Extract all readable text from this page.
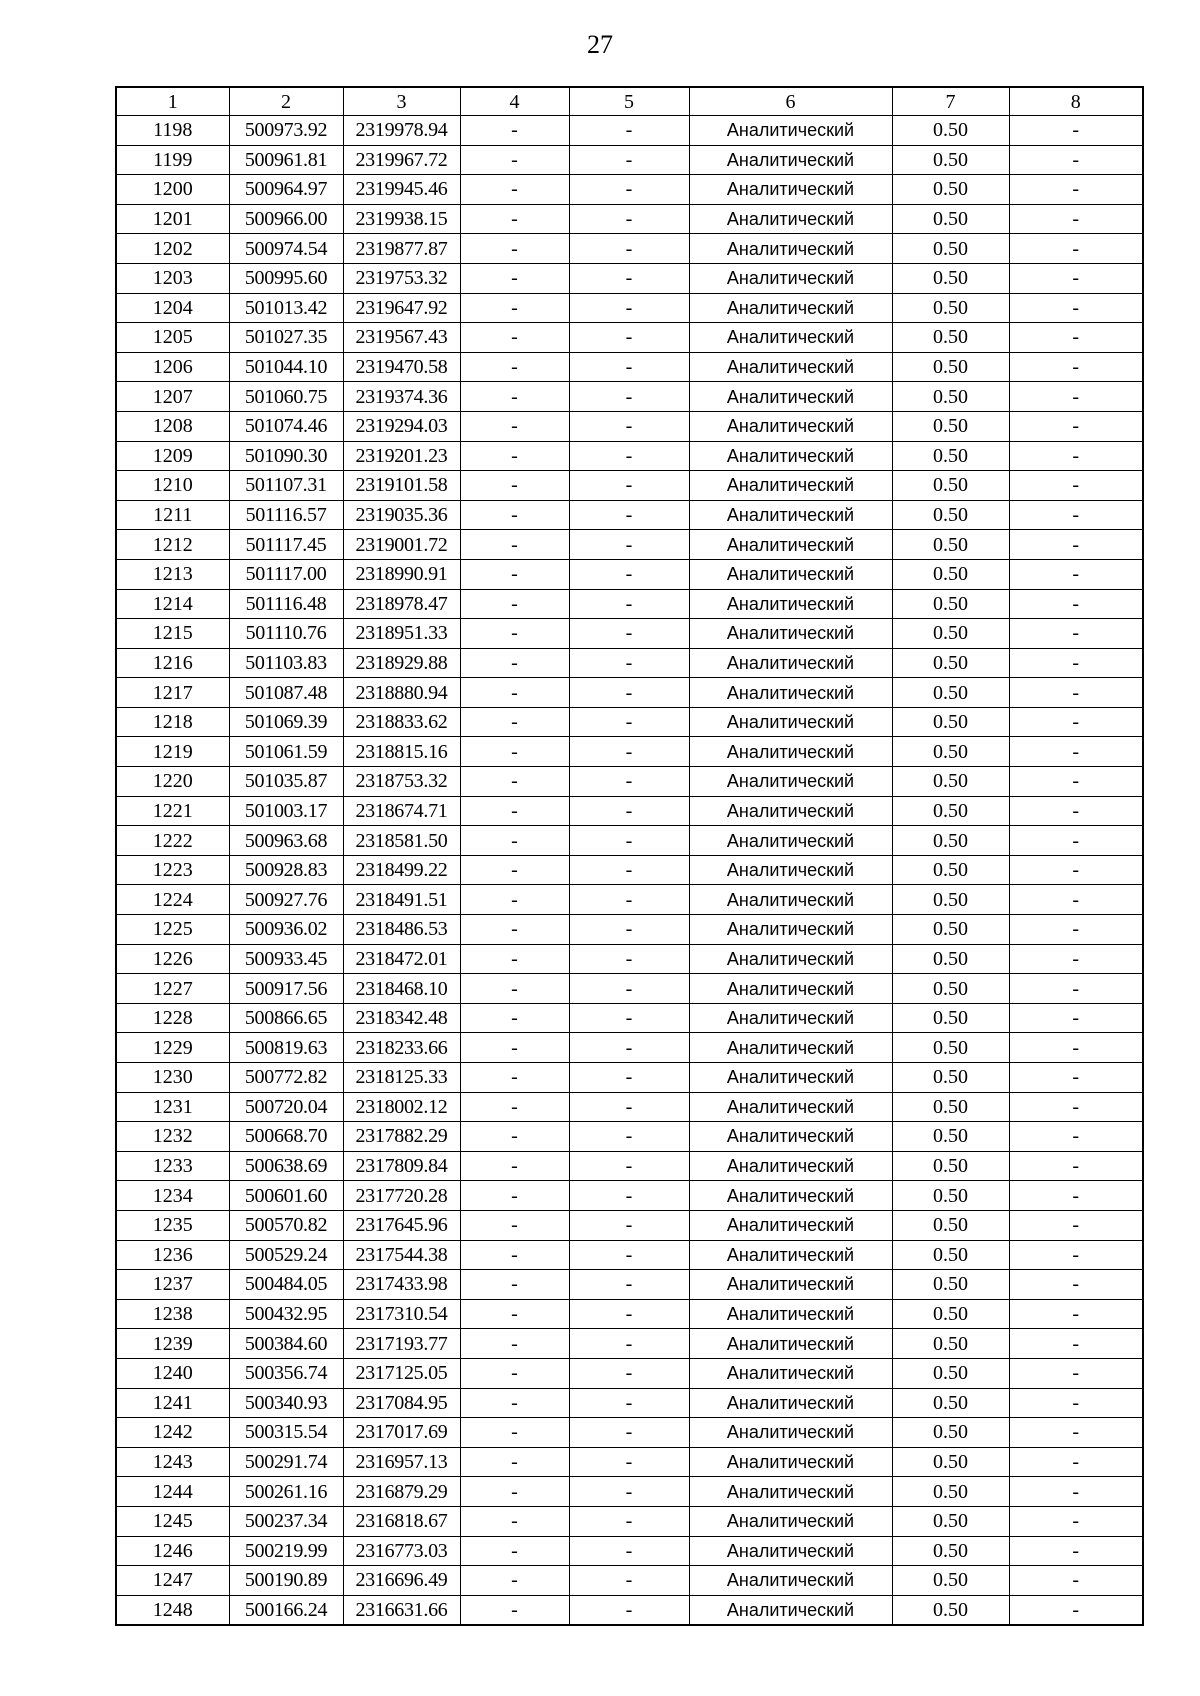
27
1	2	3	4	5	6	7	8
1198	500973.92	2319978.94	-	-	Аналитический	0.50	-
1199	500961.81	2319967.72	-	-	Аналитический	0.50	-
1200	500964.97	2319945.46	-	-	Аналитический	0.50	-
1201	500966.00	2319938.15	-	-	Аналитический	0.50	-
1202	500974.54	2319877.87	-	-	Аналитический	0.50	-
1203	500995.60	2319753.32	-	-	Аналитический	0.50	-
1204	501013.42	2319647.92	-	-	Аналитический	0.50	-
1205	501027.35	2319567.43	-	-	Аналитический	0.50	-
1206	501044.10	2319470.58	-	-	Аналитический	0.50	-
1207	501060.75	2319374.36	-	-	Аналитический	0.50	-
1208	501074.46	2319294.03	-	-	Аналитический	0.50	-
1209	501090.30	2319201.23	-	-	Аналитический	0.50	-
1210	501107.31	2319101.58	-	-	Аналитический	0.50	-
1211	501116.57	2319035.36	-	-	Аналитический	0.50	-
1212	501117.45	2319001.72	-	-	Аналитический	0.50	-
1213	501117.00	2318990.91	-	-	Аналитический	0.50	-
1214	501116.48	2318978.47	-	-	Аналитический	0.50	-
1215	501110.76	2318951.33	-	-	Аналитический	0.50	-
1216	501103.83	2318929.88	-	-	Аналитический	0.50	-
1217	501087.48	2318880.94	-	-	Аналитический	0.50	-
1218	501069.39	2318833.62	-	-	Аналитический	0.50	-
1219	501061.59	2318815.16	-	-	Аналитический	0.50	-
1220	501035.87	2318753.32	-	-	Аналитический	0.50	-
1221	501003.17	2318674.71	-	-	Аналитический	0.50	-
1222	500963.68	2318581.50	-	-	Аналитический	0.50	-
1223	500928.83	2318499.22	-	-	Аналитический	0.50	-
1224	500927.76	2318491.51	-	-	Аналитический	0.50	-
1225	500936.02	2318486.53	-	-	Аналитический	0.50	-
1226	500933.45	2318472.01	-	-	Аналитический	0.50	-
1227	500917.56	2318468.10	-	-	Аналитический	0.50	-
1228	500866.65	2318342.48	-	-	Аналитический	0.50	-
1229	500819.63	2318233.66	-	-	Аналитический	0.50	-
1230	500772.82	2318125.33	-	-	Аналитический	0.50	-
1231	500720.04	2318002.12	-	-	Аналитический	0.50	-
1232	500668.70	2317882.29	-	-	Аналитический	0.50	-
1233	500638.69	2317809.84	-	-	Аналитический	0.50	-
1234	500601.60	2317720.28	-	-	Аналитический	0.50	-
1235	500570.82	2317645.96	-	-	Аналитический	0.50	-
1236	500529.24	2317544.38	-	-	Аналитический	0.50	-
1237	500484.05	2317433.98	-	-	Аналитический	0.50	-
1238	500432.95	2317310.54	-	-	Аналитический	0.50	-
1239	500384.60	2317193.77	-	-	Аналитический	0.50	-
1240	500356.74	2317125.05	-	-	Аналитический	0.50	-
1241	500340.93	2317084.95	-	-	Аналитический	0.50	-
1242	500315.54	2317017.69	-	-	Аналитический	0.50	-
1243	500291.74	2316957.13	-	-	Аналитический	0.50	-
1244	500261.16	2316879.29	-	-	Аналитический	0.50	-
1245	500237.34	2316818.67	-	-	Аналитический	0.50	-
1246	500219.99	2316773.03	-	-	Аналитический	0.50	-
1247	500190.89	2316696.49	-	-	Аналитический	0.50	-
1248	500166.24	2316631.66	-	-	Аналитический	0.50	-
